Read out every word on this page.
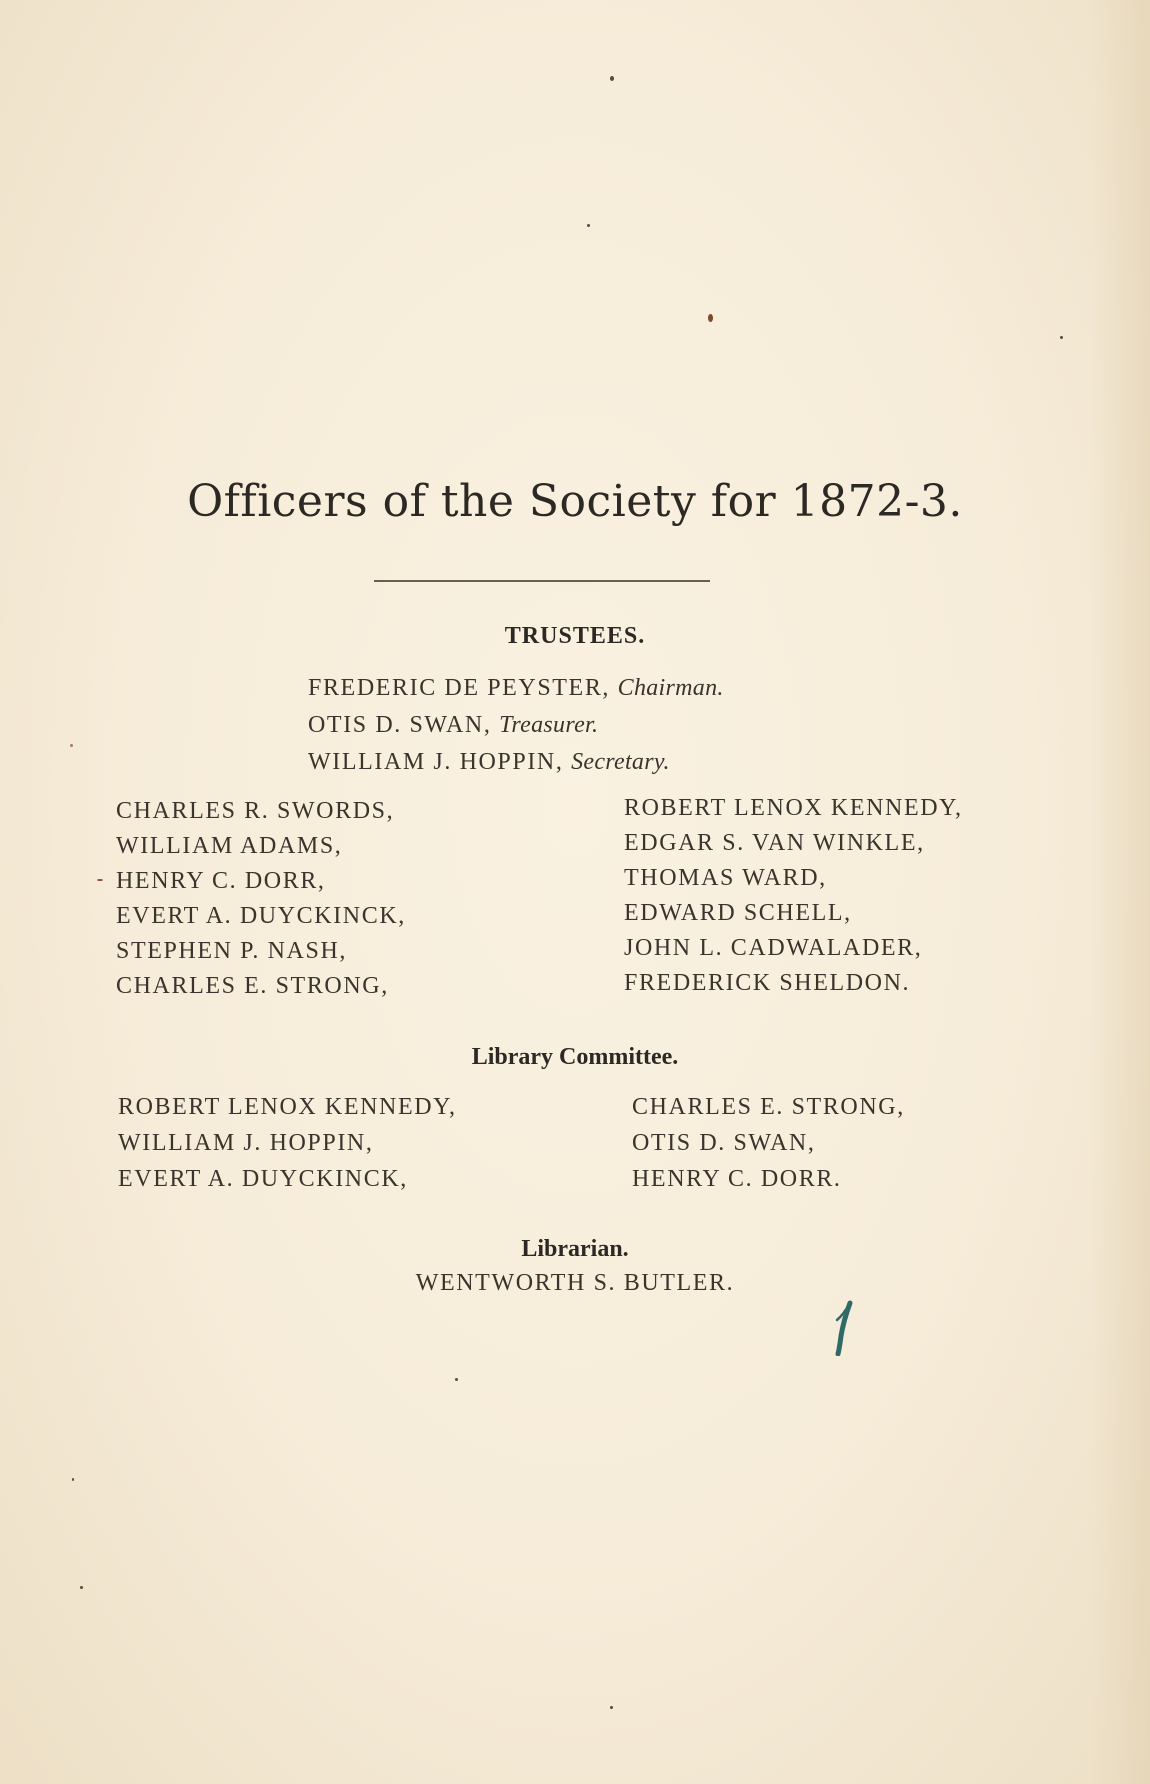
Officers of the Society for 1872-3.
TRUSTEES.
FREDERIC DE PEYSTER, Chairman.
OTIS D. SWAN, Treasurer.
WILLIAM J. HOPPIN, Secretary.
CHARLES R. SWORDS,
WILLIAM ADAMS,
HENRY C. DORR,
EVERT A. DUYCKINCK,
STEPHEN P. NASH,
CHARLES E. STRONG,
ROBERT LENOX KENNEDY,
EDGAR S. VAN WINKLE,
THOMAS WARD,
EDWARD SCHELL,
JOHN L. CADWALADER,
FREDERICK SHELDON.
Library Committee.
ROBERT LENOX KENNEDY,
WILLIAM J. HOPPIN,
EVERT A. DUYCKINCK,
CHARLES E. STRONG,
OTIS D. SWAN,
HENRY C. DORR.
Librarian.
WENTWORTH S. BUTLER.
